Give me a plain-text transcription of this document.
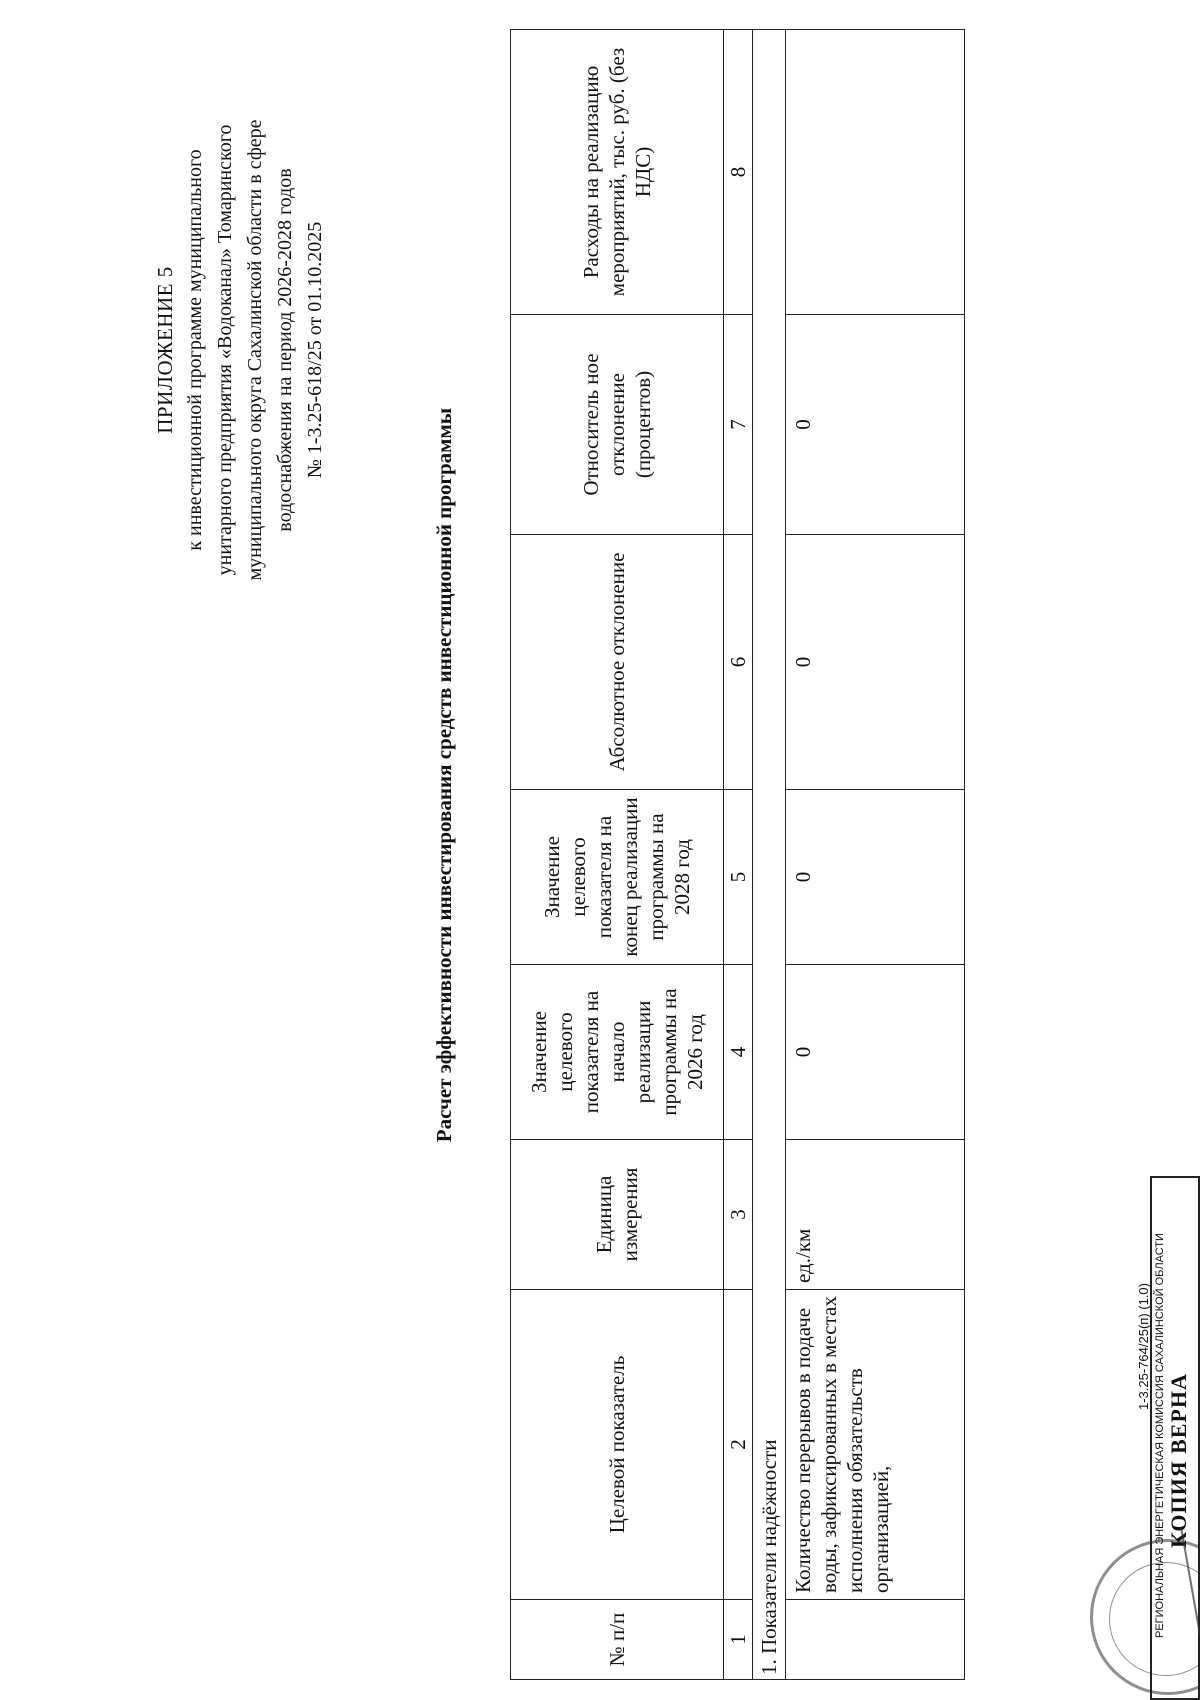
ПРИЛОЖЕНИЕ 5 к инвестиционной программе муниципального унитарного предприятия «Водоканал» Томаринского муниципального округа Сахалинской области в сфере водоснабжения на период 2026-2028 годов № 1-3.25-618/25 от 01.10.2025
Расчет эффективности инвестирования средств инвестиционной программы
№ п/п	Целевой показатель	Единица измерения	Значение целевого показателя на начало реализации программы на 2026 год	Значение целевого показателя на конец реализации программы на 2028 год	Абсолютное отклонение	Относитель ное отклонение (процентов)	Расходы на реализацию мероприятий, тыс. руб. (без НДС)
1	2	3	4	5	6	7	8
1. Показатели надёжности							
	Количество перерывов в подаче воды, зафиксированных в местах исполнения обязательств организацией,	ед./км	0	0	0	0	
1-3.25-764/25(п) (1.0) РЕГИОНАЛЬНАЯ ЭНЕРГЕТИЧЕСКАЯ КОМИССИЯ САХАЛИНСКОЙ ОБЛАСТИ КОПИЯ ВЕРНА
